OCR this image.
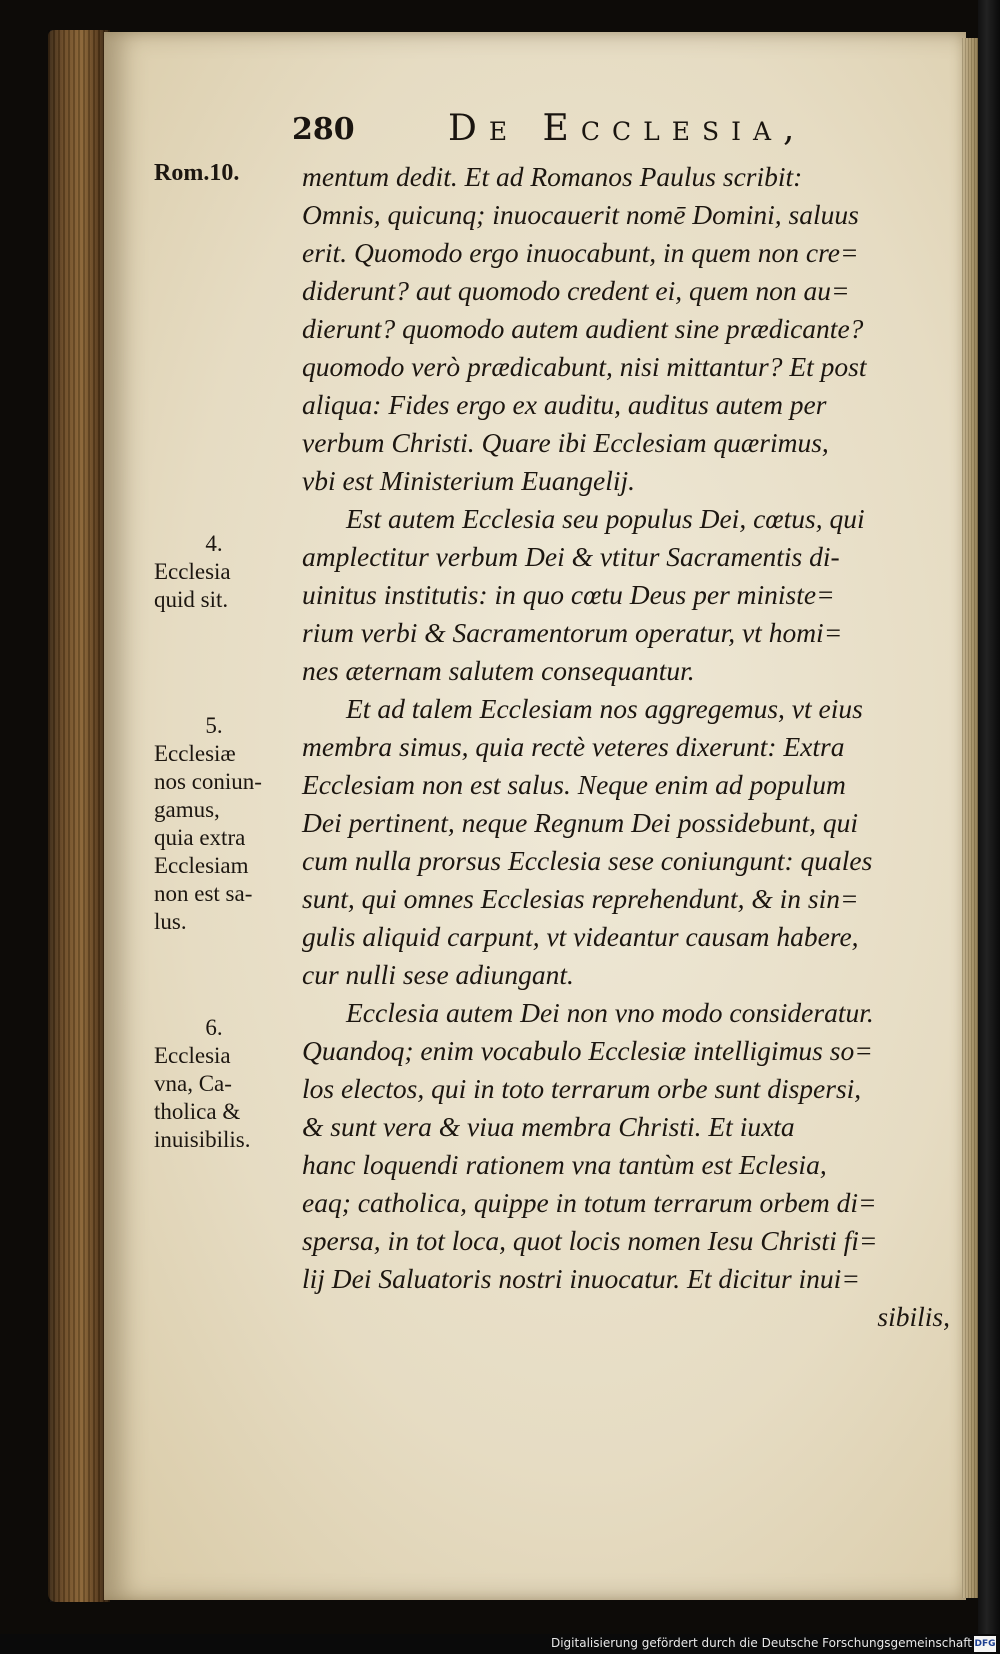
280	De Ecclesia,
Rom.10. mentum dedit. Et ad Romanos Paulus scribit:
Omnis, quicunq; inuocauerit nomē Domini, saluus
erit. Quomodo ergo inuocabunt, in quem non cre=
diderunt? aut quomodo credent ei, quem non au=
dierunt? quomodo autem audient sine prædicante?
quomodo verò prædicabunt, nisi mittantur? Et post
aliqua: Fides ergo ex auditu, auditus autem per
verbum Christi. Quare ibi Ecclesiam quærimus,
vbi est Ministerium Euangelij.
Est autem Ecclesia seu populus Dei, cœtus, qui
amplectitur verbum Dei & vtitur Sacramentis di-
uinitus institutis: in quo cœtu Deus per ministe=
rium verbi & Sacramentorum operatur, vt homi=
nes æternam salutem consequantur.
Et ad talem Ecclesiam nos aggregemus, vt eius
membra simus, quia rectè veteres dixerunt: Extra
Ecclesiam non est salus. Neque enim ad populum
Dei pertinent, neque Regnum Dei possidebunt, qui
cum nulla prorsus Ecclesia sese coniungunt: quales
sunt, qui omnes Ecclesias reprehendunt, & in sin=
gulis aliquid carpunt, vt videantur causam habere,
cur nulli sese adiungant.
Ecclesia autem Dei non vno modo consideratur.
Quandoq; enim vocabulo Ecclesiæ intelligimus so=
los electos, qui in toto terrarum orbe sunt dispersi,
& sunt vera & viua membra Christi. Et iuxta
hanc loquendi rationem vna tantùm est Eclesia,
eaq; catholica, quippe in totum terrarum orbem di=
spersa, in tot loca, quot locis nomen Iesu Christi fi=
lij Dei Saluatoris nostri inuocatur. Et dicitur inui=
sibilis,
4.
Ecclesia
quid sit.
5.
Ecclesiæ
nos coniun-
gamus,
quia extra
Ecclesiam
non est sa-
lus.
6.
Ecclesia
vna, Ca-
tholica &
inuisibilis.
Digitalisierung gefördert durch die Deutsche Forschungsgemeinschaft DFG
